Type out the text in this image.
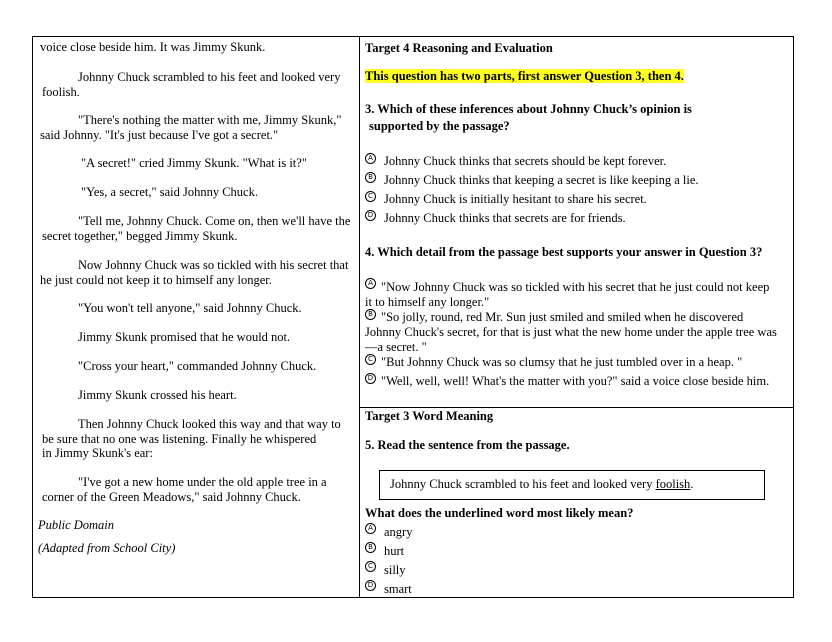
voice close beside him. It was Jimmy Skunk.
Johnny Chuck scrambled to his feet and looked very
foolish.
"There's nothing the matter with me, Jimmy Skunk,"
said Johnny. "It's just because I've got a secret."
"A secret!" cried Jimmy Skunk. "What is it?"
"Yes, a secret," said Johnny Chuck.
"Tell me, Johnny Chuck. Come on, then we'll have the
secret together," begged Jimmy Skunk.
Now Johnny Chuck was so tickled with his secret that
he just could not keep it to himself any longer.
"You won't tell anyone," said Johnny Chuck.
Jimmy Skunk promised that he would not.
"Cross your heart," commanded Johnny Chuck.
Jimmy Skunk crossed his heart.
Then Johnny Chuck looked this way and that way to
be sure that no one was listening. Finally he whispered
in Jimmy Skunk's ear:
"I've got a new home under the old apple tree in a
corner of the Green Meadows," said Johnny Chuck.
Public Domain
(Adapted from School City)
Target 4 Reasoning and Evaluation
This question has two parts, first answer Question 3, then 4.
3. Which of these inferences about Johnny Chuck’s opinion is
supported by the passage?
A Johnny Chuck thinks that secrets should be kept forever.
B Johnny Chuck thinks that keeping a secret is like keeping a lie.
C Johnny Chuck is initially hesitant to share his secret.
D Johnny Chuck thinks that secrets are for friends.
4. Which detail from the passage best supports your answer in Question 3?
A "Now Johnny Chuck was so tickled with his secret that he just could not keep
it to himself any longer."
B "So jolly, round, red Mr. Sun just smiled and smiled when he discovered
Johnny Chuck's secret, for that is just what the new home under the apple tree was
—a secret. "
C "But Johnny Chuck was so clumsy that he just tumbled over in a heap. "
D "Well, well, well! What's the matter with you?" said a voice close beside him.
Target 3 Word Meaning
5. Read the sentence from the passage.
Johnny Chuck scrambled to his feet and looked very foolish.
What does the underlined word most likely mean?
A angry
B hurt
C silly
D smart
